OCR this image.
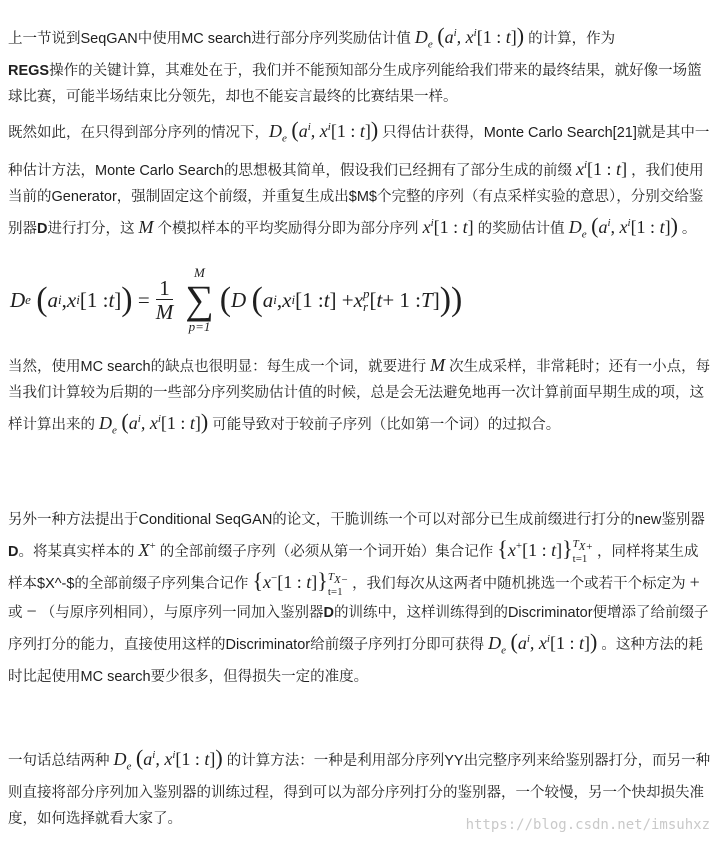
上一节说到SeqGAN中使用MC search进行部分序列奖励估计值 $D_e$ ($a^i$, $x^i[1$ : t]) 的计算，作为
REGS操作的关键计算，其难处在于，我们并不能预知部分生成序列能给我们带来的最终结果，就好像一场篮球比赛，可能半场结束比分领先，却也不能妄言最终的比赛结果一样。

既然如此，在只得到部分序列的情况下，$D_e$ ($a^i$, $x^i[1$ : t]) 只得估计获得，Monte Carlo Search[21]就是其中一种估计方法，Monte Carlo Search的思想极其简单，假设我们已经拥有了部分生成的前缀 $x^i[1$ : t] ，我们使用当前的Generator，强制固定这个前缀，并重复生成出$M$个完整的序列（有点采样实验的意思），分别交给鉴别器D进行打分，这 M 个模拟样本的平均奖励得分即为部分序列 $x^i[1$ : t] 的奖励估计值 $D_e$ ($a^i$, $x^i[1$ : t]) 。

D e
( a i , x i [1 : t ] ) = $\frac{1}{M}$
M
∑
p=1
( D
( a i , x i [1 : t ] + x p
r [ t + 1 : T ] ) )

当然，使用MC search的缺点也很明显：每生成一个词，就要进行 M 次生成采样，非常耗时；还有一小点，每当我们计算较为后期的一些部分序列奖励估计值的时候，总是会无法避免地再一次计算前面早期生成的项，这样计算出来的 $D_e$ ($a^i$, $x^i[1$ : t]) 可能导致对于较前子序列（比如第一个词）的过拟合。

另外一种方法提出于Conditional SeqGAN的论文，干脆训练一个可以对部分已生成前缀进行打分的new鉴别器D。将某真实样本的 X+ 的全部前缀子序列（必须从第一个词开始）集合记作 {x+[1 : t]} $T_{X+}$
t=1 ，同样将某生成样本$X^-$的全部前缀子序列集合记作 {x−[1 : t]} $T_{X-}$
t=1 ，我们每次从这两者中随机挑选一个或若干个标定为 + 或 − （与原序列相同），与原序列一同加入鉴别器D的训练中，这样训练得到的Discriminator便增添了给前缀子序列打分的能力，直接使用这样的Discriminator给前缀子序列打分即可获得 $D_e$ ($a^i$, $x^i[1$ : t]) 。这种方法的耗时比起使用MC search要少很多，但得损失一定的准度。

一句话总结两种 $D_e$ ($a^i$, $x^i[1$ : t]) 的计算方法：一种是利用部分序列YY出完整序列来给鉴别器打分，而另一种则直接将部分序列加入鉴别器的训练过程，得到可以为部分序列打分的鉴别器，一个较慢，另一个快却损失准度，如何选择就看大家了。	https://blog.csdn.net/imsuhxz
